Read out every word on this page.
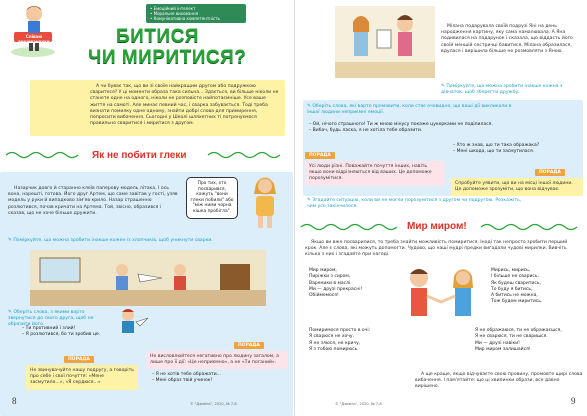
Співаю вишиваночки
• Емоційний інтелект
• Моральне виховання
• Комунікативна компетентність
БИТИСЯ
ЧИ МИРИТИСЯ?
А чи буває так, що ви зі своїм найкращим другом або подружкою сваритеся? У ці моменти образа така сильна... Здається, ви більше ніколи не станете одне на одного, ніколи не розповісте найпотаємніше. Усе ваше життя на самоті. Але минає певний час, і сварка забувається. Тоді треба визнати помилку одне одному, знайти добрі слова для примирення, попросити вибачення. Сьогодні у Школі шляхетних ті потренуємося правильно сваритися і миритися з другом.
Як не побити глеки
Назарчик довго й старанно клеїв паперову модель літака. І ось вона, нарешті, готова. Його друг Артем, що саме завітав у гості, узяв модель у руки й випадково зім'яв крило. Назар страшенно розлютився, почав кричати на Артема. Той, звісно, образився і сказав, що не хоче більше дружити.
Про тих, хто посварився, кажуть "вони глеки побили" або "між ними чорна кішка пробігла".
✎ Поміркуйте, що можна зробити інакше кожен із хлопчиків, щоб уникнути сварки.
✎ Оберіть слова, з якими варто звернутися до свого друга, щоб не образити його.
– Ти противний і злий!
– Я розлютився, бо ти зробив це.
ПОРАДА
Не звинувачуйте нашу подругу, а говоріть про себе і свої почуття: «Мене засмутило...», «Я сердюся...»
ПОРАДА
Не висловлюйтеся негативно про людину загалом, а лише про її дії: «Це неприємно», а не «Ти поганий».
– Я не хотів тебе ображати...
– Мені образ твій учинок!
8	© "Джміль", 2020, № 7-8
Мілана подарувала своїй подрузі Яні на день народження картину, яку сама намалювала. А Яна подивилася на подарунок і сказала, що віддасть його своїй меншій сестричці бавитися. Мілана образилася, вдулася і вирішила більше не розмовляти з Яною.
✎ Поміркуйте, що можна зробити інакше кожна з дівчаток, щоб зберегти дружбу.
✎ Оберіть слова, які варто промовити, коли стає очевидно, що ваші дії викликали в іншої людини неприємні емоції.
– Ой, нічого страшного! Ти ж мною мінусу покаже цукерками не поділилася.
– Вибач, будь ласка, я не хотіла тебе образити.
– Хто ж знав, що ти така ображака?
– Мені шкода, що ти засмутилася.
ПОРАДА
Усі люди різні. Поважайте почуття інших, навіть якщо вони відрізняються від ваших. Це допоможе порозумітися.
ПОРАДА
Спробуйте уявити, що ви на місці іншої людини. Це допоможе зрозуміти, що вона відчуває.
✎ Згадайте ситуацію, коли ви не могли порозумітися з другом чи подругою. Розкажіть, чим усе закінчилося.
Мир миром!
Якщо ви вже посварилися, то треба знайти можливість помиритися. Іноді так непросто зробити перший крок. Але є слова, які можуть допомогти. Чудово, що наші мудрі предки вигадали чудові мирилки. Вивчіть кілька з них і згадайте при нагоді.
Мир миром,
Пиріжки з сиром,
Вареники в маслі.
Ми — друзі прекрасні!
Обіймемося!
Мирись, мирись,
І більше не сварись.
Як будеш сваритись,
То буду я битись,
А битись не можна,
Тож будем миритись.
Помиримося просто в очі:
Я сварюся не хочу.
Я не злюся, не кричу,
Я з тобою помирюсь.
Я не ображаюся, ти не ображаєшся,
Я не сварюся, ти не сваришся.
Ми — друзі навіки!
Мир миром залишайся!
А ще краще, якщо відчуваєте свою провину, промовте щирі слова вибачення. І пам'ятайте: що ці хвилинки образи, все давно вирішено.
© "Джміль", 2020, № 7-8	9
